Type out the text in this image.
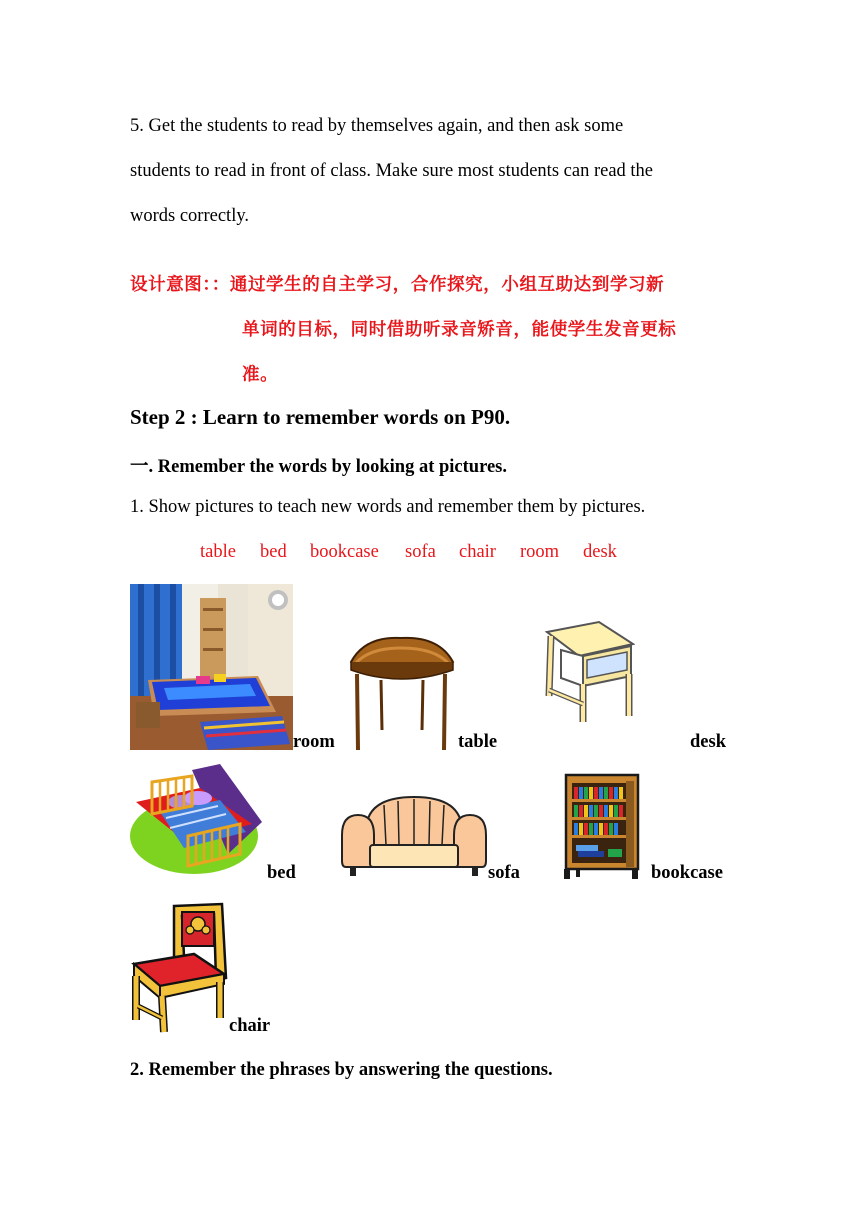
5. Get the students to read by themselves again, and then ask some
students to read in front of class. Make sure most students can read the
words correctly.
设计意图：：通过学生的自主学习，合作探究，小组互助达到学习新
单词的目标，同时借助听录音矫音，能使学生发音更标
准。
Step 2 : Learn to remember words on P90.
一. Remember the words by looking at pictures.
1. Show pictures to teach new words and remember them by pictures.
table bed bookcase sofa chair room desk
room	table	desk
bed	sofa	bookcase
chair
2. Remember the phrases by answering the questions.
